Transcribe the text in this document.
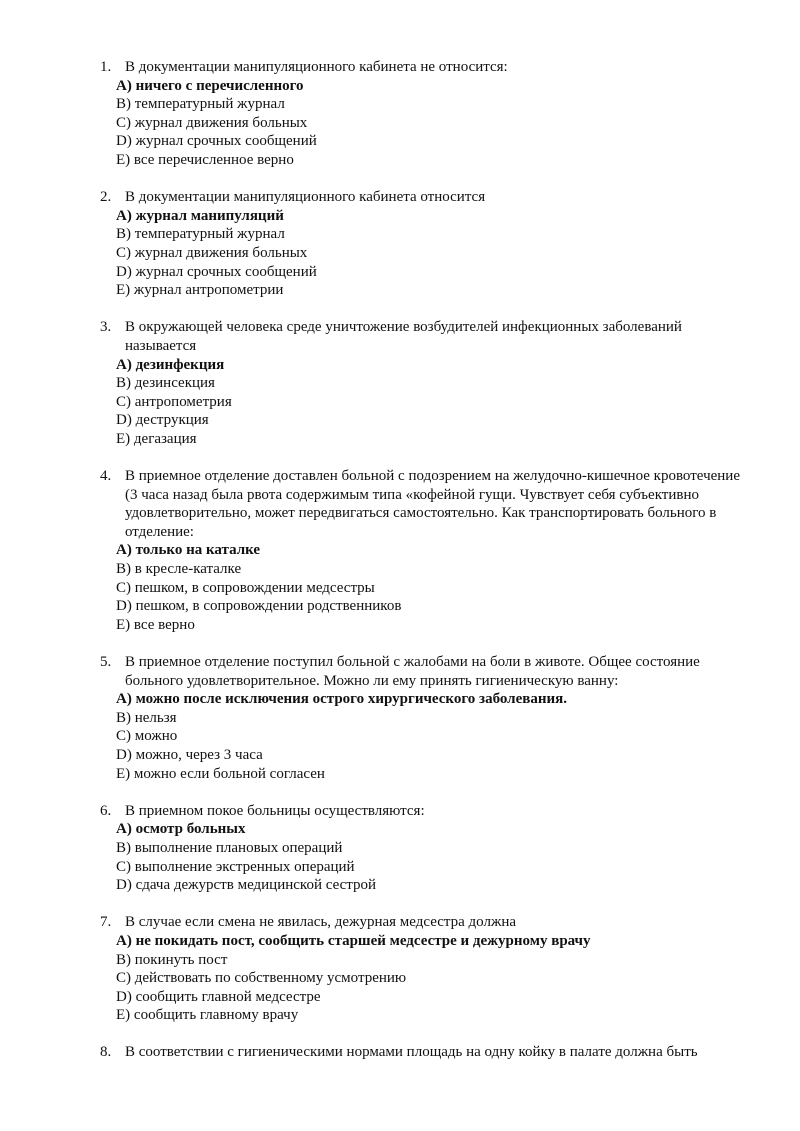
1. В документации манипуляционного кабинета не относится:
A) ничего с перечисленного
B) температурный журнал
C) журнал движения больных
D) журнал срочных сообщений
E) все перечисленное верно
2. В документации манипуляционного кабинета относится
A) журнал манипуляций
B) температурный журнал
C) журнал движения больных
D) журнал срочных сообщений
E) журнал антропометрии
3. В окружающей человека среде уничтожение возбудителей инфекционных заболеваний называется
A) дезинфекция
B) дезинсекция
C) антропометрия
D) деструкция
E) дегазация
4. В приемное отделение доставлен больной с подозрением на желудочно-кишечное кровотечение (3 часа назад была рвота содержимым типа «кофейной гущи. Чувствует себя субъективно удовлетворительно, может передвигаться самостоятельно. Как транспортировать больного в отделение:
A) только на каталке
B) в кресле-каталке
C) пешком, в сопровождении медсестры
D) пешком, в сопровождении родственников
E) все верно
5. В приемное отделение поступил больной с жалобами на боли в животе. Общее состояние больного удовлетворительное. Можно ли ему принять гигиеническую ванну:
A) можно после исключения острого хирургического заболевания.
B) нельзя
C) можно
D) можно, через 3 часа
E) можно если больной согласен
6. В приемном покое больницы осуществляются:
A) осмотр больных
B) выполнение плановых операций
C) выполнение экстренных операций
D) сдача дежурств медицинской сестрой
7. В случае если смена не явилась, дежурная медсестра должна
A) не покидать пост, сообщить старшей медсестре и дежурному врачу
B) покинуть пост
C) действовать по собственному усмотрению
D) сообщить главной медсестре
E) сообщить главному врачу
8. В соответствии с гигиеническими нормами площадь на одну койку в палате должна быть
